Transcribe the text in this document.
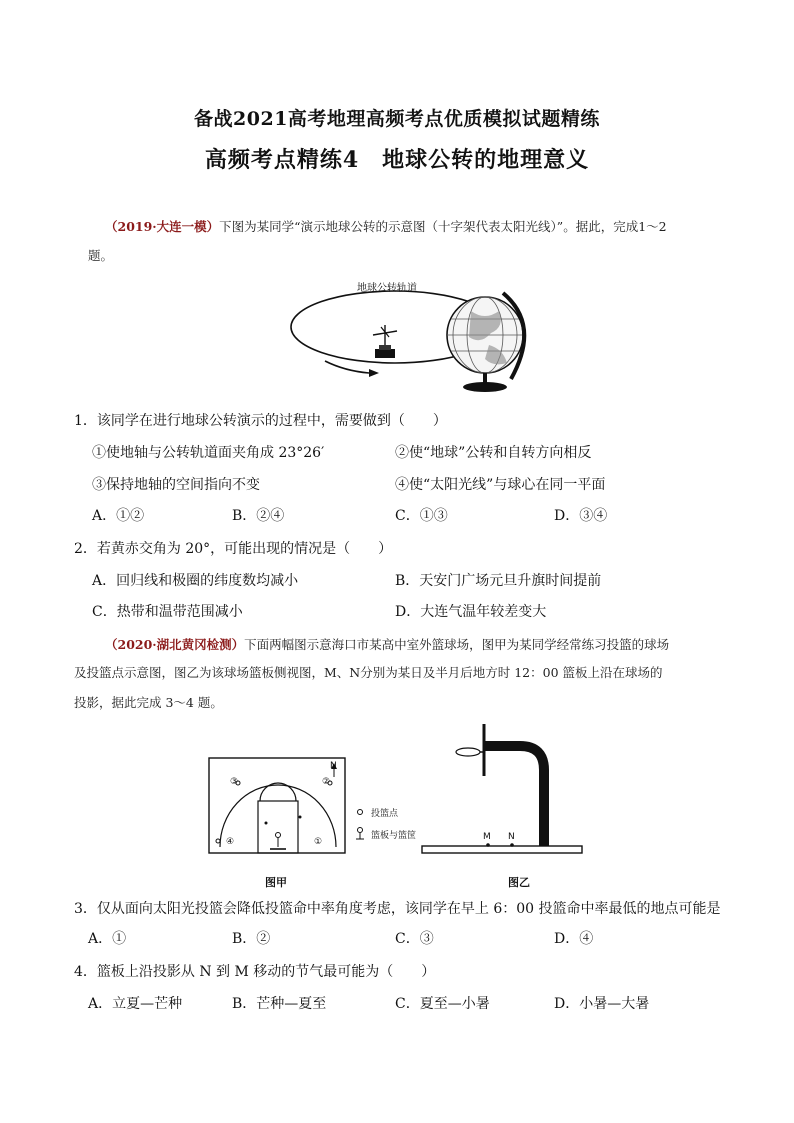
备战2021高考地理高频考点优质模拟试题精练
高频考点精练4　地球公转的地理意义
（2019·大连一模）下图为某同学“演示地球公转的示意图（十字架代表太阳光线）”。据此，完成1～2
题。
地球公转轨道
1．该同学在进行地球公转演示的过程中，需要做到（　　）
①使地轴与公转轨道面夹角成 23°26′	②使“地球”公转和自转方向相反
③保持地轴的空间指向不变	④使“太阳光线”与球心在同一平面
A．①②	B．②④	C．①③	D．③④
2．若黄赤交角为 20°，可能出现的情况是（　　）
A．回归线和极圈的纬度数均减小	B．天安门广场元旦升旗时间提前
C．热带和温带范围减小	D．大连气温年较差变大
（2020·湖北黄冈检测）下面两幅图示意海口市某高中室外篮球场，图甲为某同学经常练习投篮的球场
及投篮点示意图，图乙为该球场篮板侧视图，M、N分别为某日及半月后地方时 12：00 篮板上沿在球场的
投影，据此完成 3～4 题。
③	②
④	①
N
投篮点
篮板与篮筐	M N
图甲	图乙
3．仅从面向太阳光投篮会降低投篮命中率角度考虑，该同学在早上 6：00 投篮命中率最低的地点可能是
A．①	B．②	C．③	D．④
4．篮板上沿投影从 N 到 M 移动的节气最可能为（　　）
A．立夏—芒种	B．芒种—夏至	C．夏至—小暑	D．小暑—大暑
